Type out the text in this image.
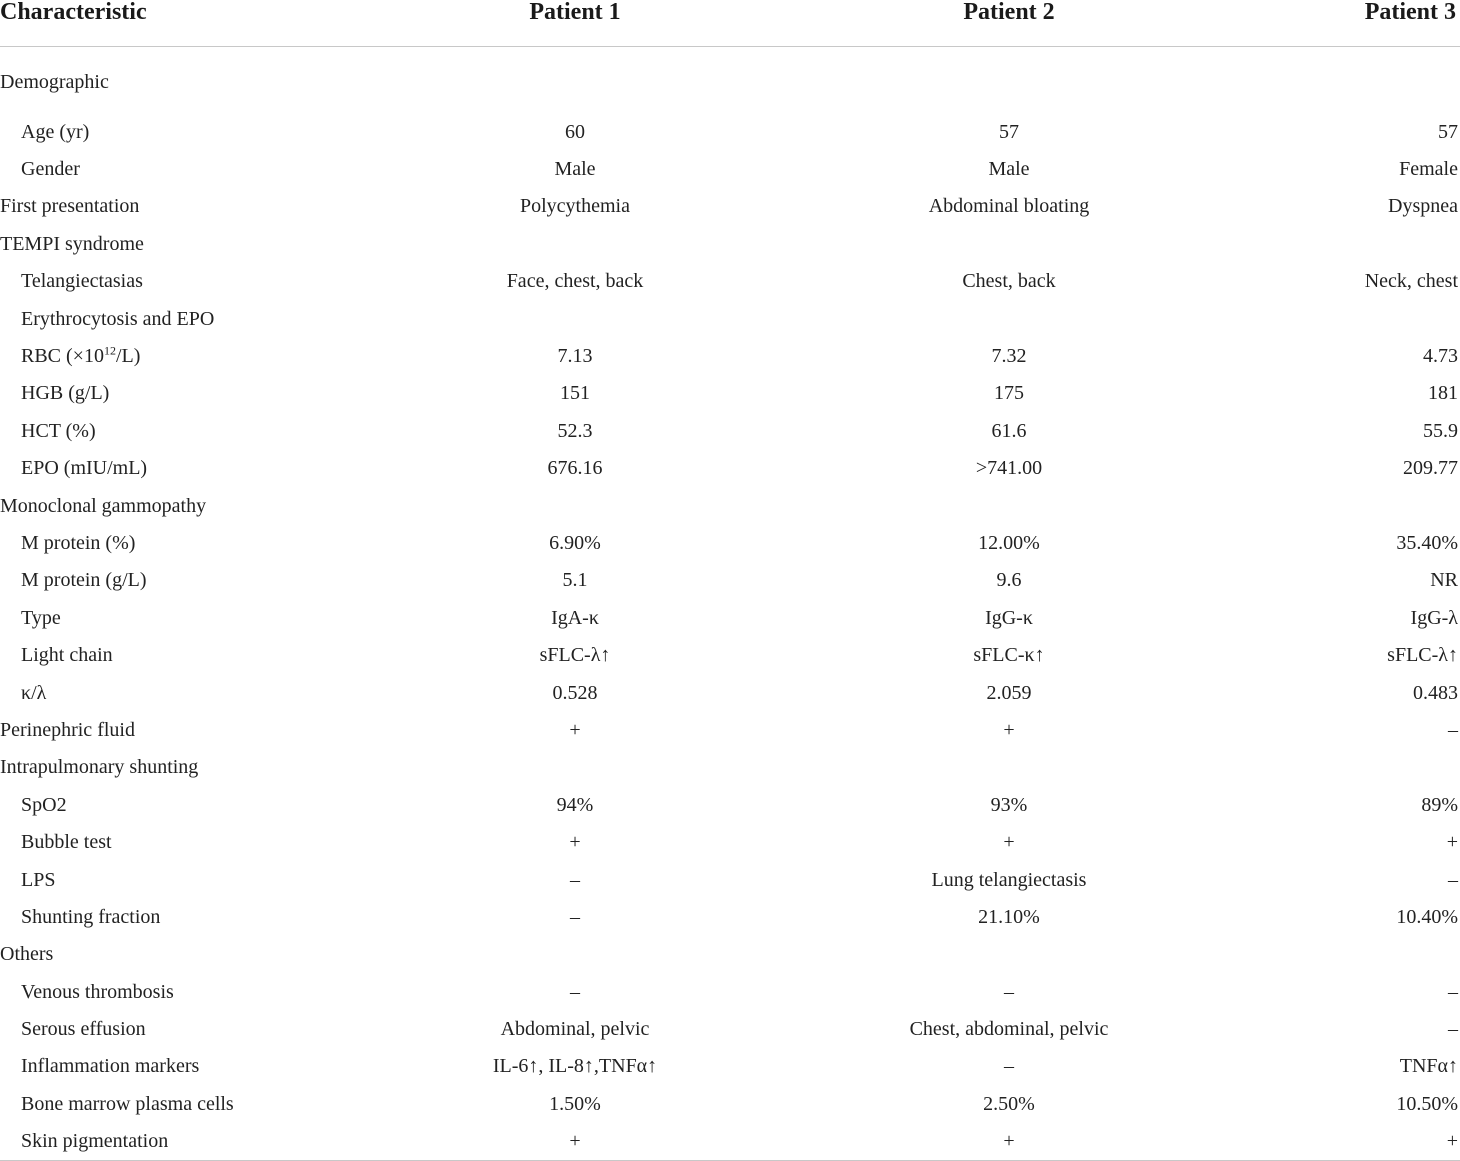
Characteristic	Patient 1	Patient 2	Patient 3
Demographic			
Age (yr)	60	57	57
Gender	Male	Male	Female
First presentation	Polycythemia	Abdominal bloating	Dyspnea
TEMPI syndrome			
Telangiectasias	Face, chest, back	Chest, back	Neck, chest
Erythrocytosis and EPO			
RBC $(\times 10^{12}/L)$	7.13	7.32	4.73
HGB (g/L)	151	175	181
HCT (%)	52.3	61.6	55.9
EPO (mIU/mL)	676.16	>741.00	209.77
Monoclonal gammopathy			
M protein (%)	6.90%	12.00%	35.40%
M protein (g/L)	5.1	9.6	NR
Type	IgA-κ	IgG-κ	IgG-λ
Light chain	sFLC-λ↑	sFLC-κ↑	sFLC-λ↑
κ/λ	0.528	2.059	0.483
Perinephric fluid	+	+	–
Intrapulmonary shunting			
SpO2	94%	93%	89%
Bubble test	+	+	+
LPS	–	Lung telangiectasis	–
Shunting fraction	–	21.10%	10.40%
Others			
Venous thrombosis	–	–	–
Serous effusion	Abdominal, pelvic	Chest, abdominal, pelvic	–
Inflammation markers	IL-6↑, IL-8↑,TNFα↑	–	TNFα↑
Bone marrow plasma cells	1.50%	2.50%	10.50%
Skin pigmentation	+	+	+
